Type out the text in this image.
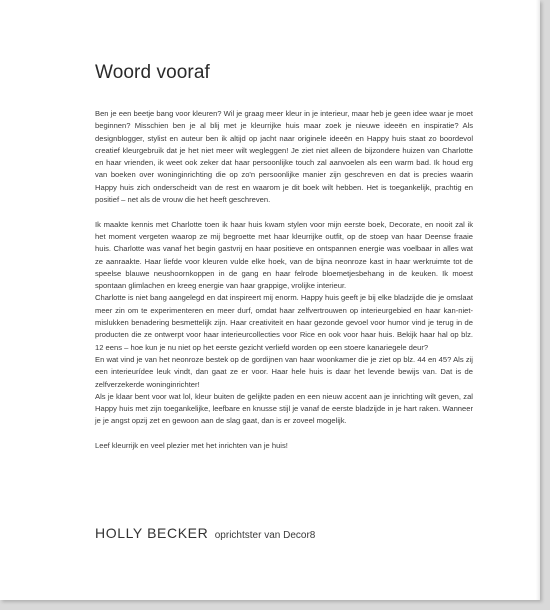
Woord vooraf

Ben je een beetje bang voor kleuren? Wil je graag meer kleur in je interieur, maar heb je geen idee waar je moet beginnen? Misschien ben je al blij met je kleurrijke huis maar zoek je nieuwe ideeën en inspiratie? Als designblogger, stylist en auteur ben ik altijd op jacht naar originele ideeën en Happy huis staat zo boordevol creatief kleurgebruik dat je het niet meer wilt wegleggen! Je ziet niet alleen de bijzondere huizen van Charlotte en haar vrienden, ik weet ook zeker dat haar persoonlijke touch zal aanvoelen als een warm bad. Ik houd erg van boeken over woninginrichting die op zo'n persoonlijke manier zijn geschreven en dat is precies waarin Happy huis zich onderscheidt van de rest en waarom je dit boek wilt hebben. Het is toegankelijk, prachtig en positief – net als de vrouw die het heeft geschreven.

Ik maakte kennis met Charlotte toen ik haar huis kwam stylen voor mijn eerste boek, Decorate, en nooit zal ik het moment vergeten waarop ze mij begroette met haar kleurrijke outfit, op de stoep van haar Deense fraaie huis. Charlotte was vanaf het begin gastvrij en haar positieve en ontspannen energie was voelbaar in alles wat ze aanraakte. Haar liefde voor kleuren vulde elke hoek, van de bijna neonroze kast in haar werkruimte tot de speelse blauwe neushoornkoppen in de gang en haar felrode bloemetjesbehang in de keuken. Ik moest spontaan glimlachen en kreeg energie van haar grappige, vrolijke interieur.

Charlotte is niet bang aangelegd en dat inspireert mij enorm. Happy huis geeft je bij elke bladzijde die je omslaat meer zin om te experimenteren en meer durf, omdat haar zelfvertrouwen op interieurgebied en haar kan-niet-mislukken benadering besmettelijk zijn. Haar creativiteit en haar gezonde gevoel voor humor vind je terug in de producten die ze ontwerpt voor haar interieurcollecties voor Rice en ook voor haar huis. Bekijk haar hal op blz. 12 eens – hoe kun je nu niet op het eerste gezicht verliefd worden op een stoere kanariegele deur?

En wat vind je van het neonroze bestek op de gordijnen van haar woonkamer die je ziet op blz. 44 en 45? Als zij een interieurídee leuk vindt, dan gaat ze er voor. Haar hele huis is daar het levende bewijs van. Dat is de zelfverzekerde woninginrichter!

Als je klaar bent voor wat lol, kleur buiten de gelijkte paden en een nieuw accent aan je inrichting wilt geven, zal Happy huis met zijn toegankelijke, leefbare en knusse stijl je vanaf de eerste bladzijde in je hart raken. Wanneer je je angst opzij zet en gewoon aan de slag gaat, dan is er zoveel mogelijk.

Leef kleurrijk en veel plezier met het inrichten van je huis!

HOLLY BECKER oprichtster van Decor8
